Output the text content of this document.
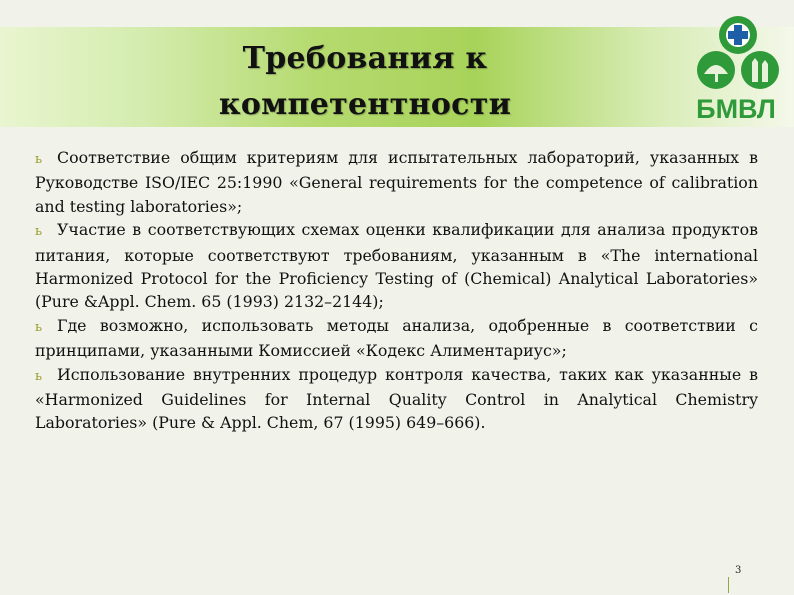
Требования к
компетентности	БМВЛ

ь Соответствие общим критериям для испытательных лабораторий, указанных в Руководстве ISO/IEC 25:1990 «General requirements for the competence of calibration and testing laboratories»;

ь Участие в соответствующих схемах оценки квалификации для анализа продуктов питания, которые соответствуют требованиям, указанным в «The international Harmonized Protocol for the Proficiency Testing of (Chemical) Analytical Laboratories» (Pure &Appl. Chem. 65 (1993) 2132–2144);

ь Где возможно, использовать методы анализа, одобренные в соответствии с принципами, указанными Комиссией «Кодекс Алиментариус»;

ь Использование внутренних процедур контроля качества, таких как указанные в «Harmonized Guidelines for Internal Quality Control in Analytical Chemistry Laboratories» (Pure & Appl. Chem, 67 (1995) 649–666).

3
